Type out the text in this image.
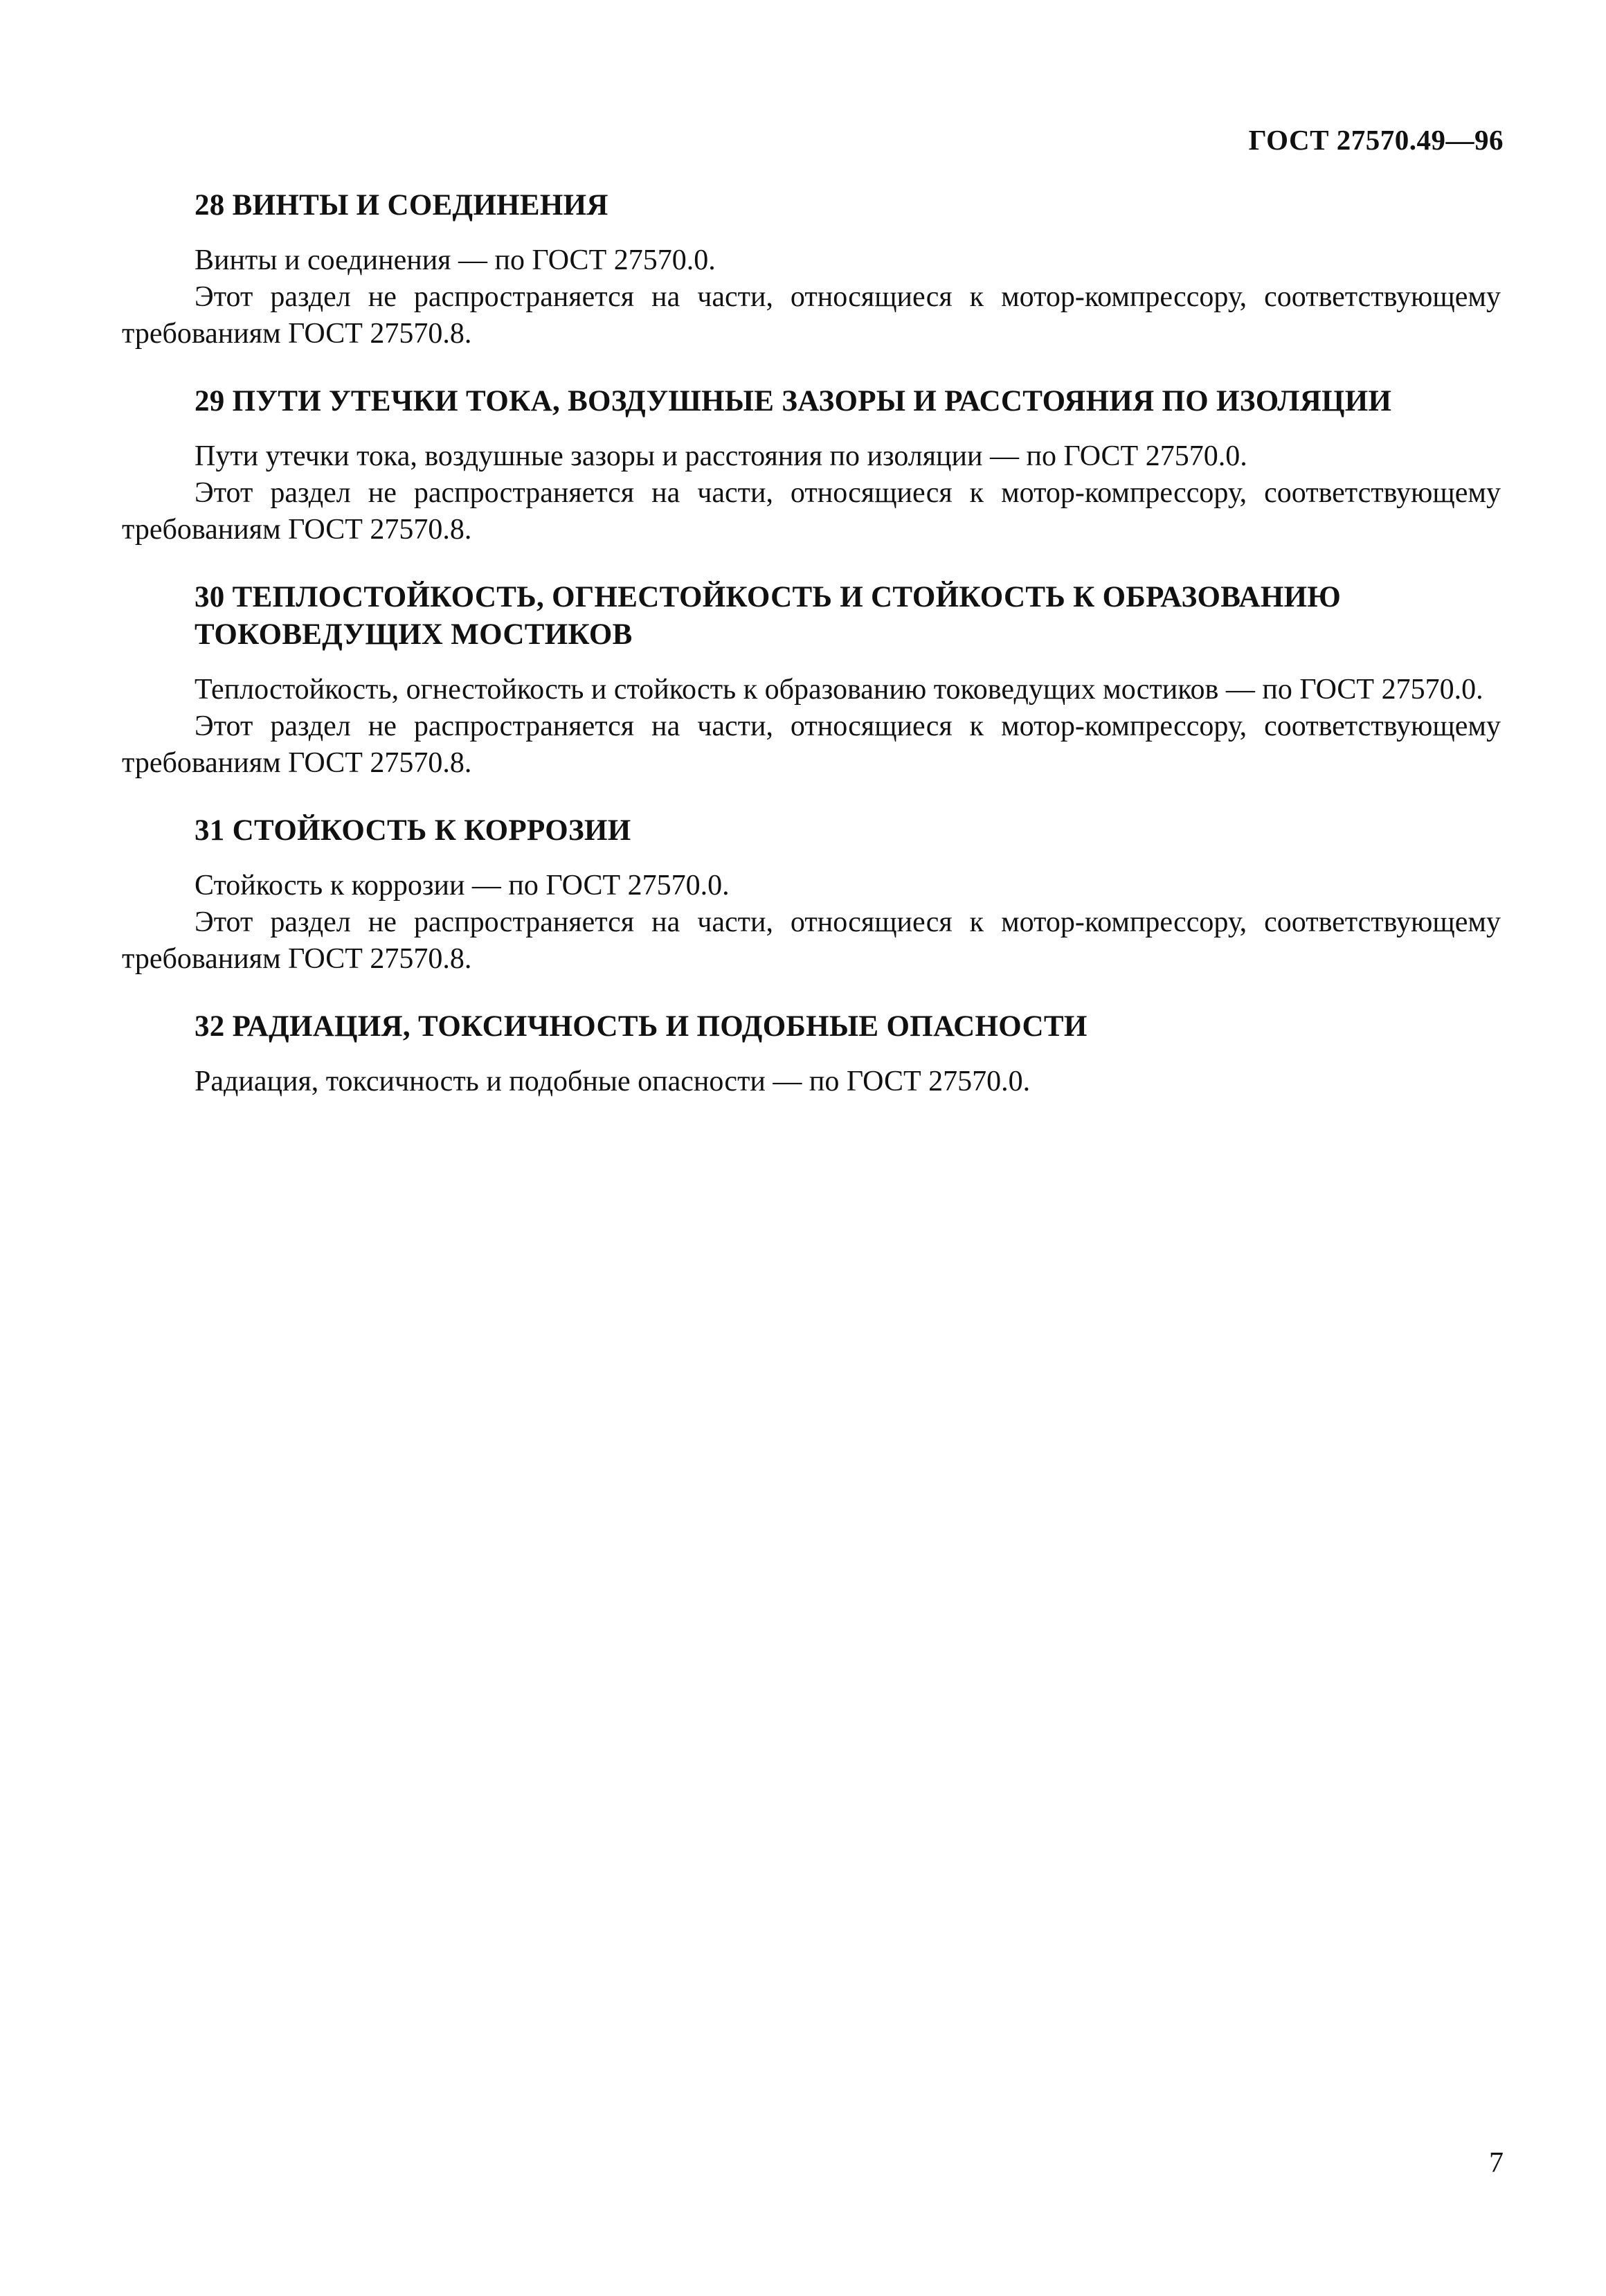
ГОСТ 27570.49—96
28 ВИНТЫ И СОЕДИНЕНИЯ

Винты и соединения — по ГОСТ 27570.0.

Этот раздел не распространяется на части, относящиеся к мотор-компрессору, соответствующему требованиям ГОСТ 27570.8.

29 ПУТИ УТЕЧКИ ТОКА, ВОЗДУШНЫЕ ЗАЗОРЫ И РАССТОЯНИЯ ПО ИЗОЛЯЦИИ

Пути утечки тока, воздушные зазоры и расстояния по изоляции — по ГОСТ 27570.0.

Этот раздел не распространяется на части, относящиеся к мотор-компрессору, соответствующему требованиям ГОСТ 27570.8.

30 ТЕПЛОСТОЙКОСТЬ, ОГНЕСТОЙКОСТЬ И СТОЙКОСТЬ К ОБРАЗОВАНИЮ ТОКОВЕДУЩИХ МОСТИКОВ

Теплостойкость, огнестойкость и стойкость к образованию токоведущих мостиков — по ГОСТ 27570.0.

Этот раздел не распространяется на части, относящиеся к мотор-компрессору, соответствующему требованиям ГОСТ 27570.8.

31 СТОЙКОСТЬ К КОРРОЗИИ

Стойкость к коррозии — по ГОСТ 27570.0.

Этот раздел не распространяется на части, относящиеся к мотор-компрессору, соответствующему требованиям ГОСТ 27570.8.

32 РАДИАЦИЯ, ТОКСИЧНОСТЬ И ПОДОБНЫЕ ОПАСНОСТИ

Радиация, токсичность и подобные опасности — по ГОСТ 27570.0.

7
